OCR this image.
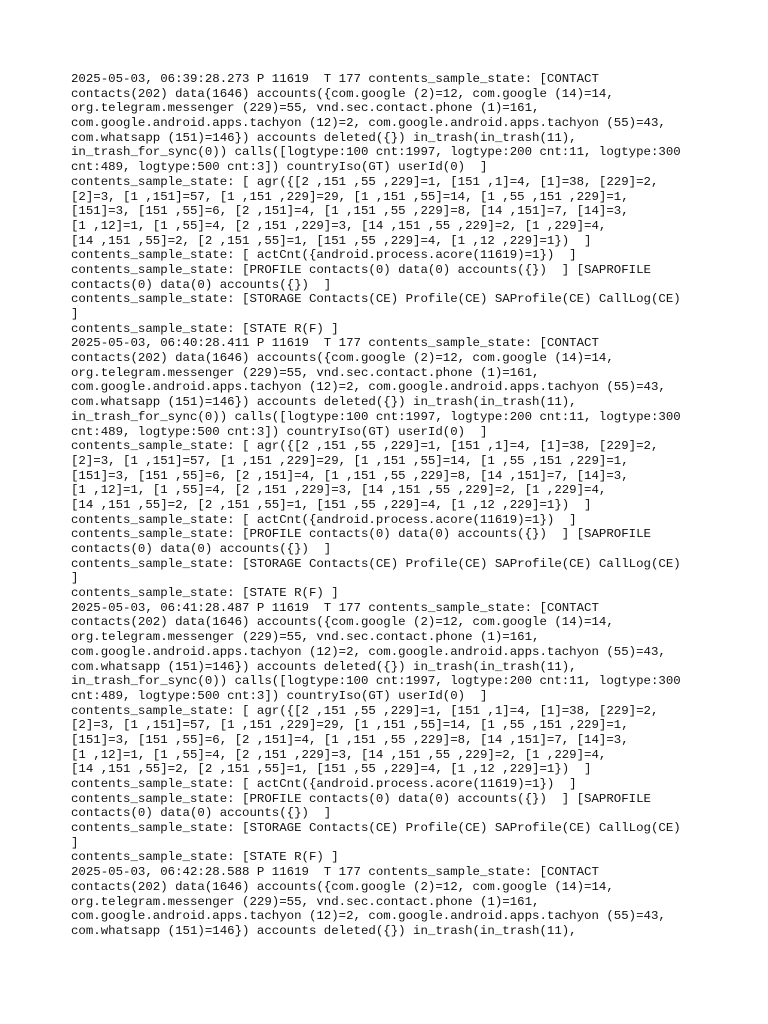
2025-05-03, 06:39:28.273 P 11619  T 177 contents_sample_state: [CONTACT
contacts(202) data(1646) accounts({com.google (2)=12, com.google (14)=14,
org.telegram.messenger (229)=55, vnd.sec.contact.phone (1)=161,
com.google.android.apps.tachyon (12)=2, com.google.android.apps.tachyon (55)=43,
com.whatsapp (151)=146}) accounts deleted({}) in_trash(in_trash(11),
in_trash_for_sync(0)) calls([logtype:100 cnt:1997, logtype:200 cnt:11, logtype:300
cnt:489, logtype:500 cnt:3]) countryIso(GT) userId(0)  ]
contents_sample_state: [ agr({[2 ,151 ,55 ,229]=1, [151 ,1]=4, [1]=38, [229]=2,
[2]=3, [1 ,151]=57, [1 ,151 ,229]=29, [1 ,151 ,55]=14, [1 ,55 ,151 ,229]=1,
[151]=3, [151 ,55]=6, [2 ,151]=4, [1 ,151 ,55 ,229]=8, [14 ,151]=7, [14]=3,
[1 ,12]=1, [1 ,55]=4, [2 ,151 ,229]=3, [14 ,151 ,55 ,229]=2, [1 ,229]=4,
[14 ,151 ,55]=2, [2 ,151 ,55]=1, [151 ,55 ,229]=4, [1 ,12 ,229]=1})  ]
contents_sample_state: [ actCnt({android.process.acore(11619)=1})  ]
contents_sample_state: [PROFILE contacts(0) data(0) accounts({})  ] [SAPROFILE
contacts(0) data(0) accounts({})  ]
contents_sample_state: [STORAGE Contacts(CE) Profile(CE) SAProfile(CE) CallLog(CE)
]
contents_sample_state: [STATE R(F) ]
2025-05-03, 06:40:28.411 P 11619  T 177 contents_sample_state: [CONTACT
contacts(202) data(1646) accounts({com.google (2)=12, com.google (14)=14,
org.telegram.messenger (229)=55, vnd.sec.contact.phone (1)=161,
com.google.android.apps.tachyon (12)=2, com.google.android.apps.tachyon (55)=43,
com.whatsapp (151)=146}) accounts deleted({}) in_trash(in_trash(11),
in_trash_for_sync(0)) calls([logtype:100 cnt:1997, logtype:200 cnt:11, logtype:300
cnt:489, logtype:500 cnt:3]) countryIso(GT) userId(0)  ]
contents_sample_state: [ agr({[2 ,151 ,55 ,229]=1, [151 ,1]=4, [1]=38, [229]=2,
[2]=3, [1 ,151]=57, [1 ,151 ,229]=29, [1 ,151 ,55]=14, [1 ,55 ,151 ,229]=1,
[151]=3, [151 ,55]=6, [2 ,151]=4, [1 ,151 ,55 ,229]=8, [14 ,151]=7, [14]=3,
[1 ,12]=1, [1 ,55]=4, [2 ,151 ,229]=3, [14 ,151 ,55 ,229]=2, [1 ,229]=4,
[14 ,151 ,55]=2, [2 ,151 ,55]=1, [151 ,55 ,229]=4, [1 ,12 ,229]=1})  ]
contents_sample_state: [ actCnt({android.process.acore(11619)=1})  ]
contents_sample_state: [PROFILE contacts(0) data(0) accounts({})  ] [SAPROFILE
contacts(0) data(0) accounts({})  ]
contents_sample_state: [STORAGE Contacts(CE) Profile(CE) SAProfile(CE) CallLog(CE)
]
contents_sample_state: [STATE R(F) ]
2025-05-03, 06:41:28.487 P 11619  T 177 contents_sample_state: [CONTACT
contacts(202) data(1646) accounts({com.google (2)=12, com.google (14)=14,
org.telegram.messenger (229)=55, vnd.sec.contact.phone (1)=161,
com.google.android.apps.tachyon (12)=2, com.google.android.apps.tachyon (55)=43,
com.whatsapp (151)=146}) accounts deleted({}) in_trash(in_trash(11),
in_trash_for_sync(0)) calls([logtype:100 cnt:1997, logtype:200 cnt:11, logtype:300
cnt:489, logtype:500 cnt:3]) countryIso(GT) userId(0)  ]
contents_sample_state: [ agr({[2 ,151 ,55 ,229]=1, [151 ,1]=4, [1]=38, [229]=2,
[2]=3, [1 ,151]=57, [1 ,151 ,229]=29, [1 ,151 ,55]=14, [1 ,55 ,151 ,229]=1,
[151]=3, [151 ,55]=6, [2 ,151]=4, [1 ,151 ,55 ,229]=8, [14 ,151]=7, [14]=3,
[1 ,12]=1, [1 ,55]=4, [2 ,151 ,229]=3, [14 ,151 ,55 ,229]=2, [1 ,229]=4,
[14 ,151 ,55]=2, [2 ,151 ,55]=1, [151 ,55 ,229]=4, [1 ,12 ,229]=1})  ]
contents_sample_state: [ actCnt({android.process.acore(11619)=1})  ]
contents_sample_state: [PROFILE contacts(0) data(0) accounts({})  ] [SAPROFILE
contacts(0) data(0) accounts({})  ]
contents_sample_state: [STORAGE Contacts(CE) Profile(CE) SAProfile(CE) CallLog(CE)
]
contents_sample_state: [STATE R(F) ]
2025-05-03, 06:42:28.588 P 11619  T 177 contents_sample_state: [CONTACT
contacts(202) data(1646) accounts({com.google (2)=12, com.google (14)=14,
org.telegram.messenger (229)=55, vnd.sec.contact.phone (1)=161,
com.google.android.apps.tachyon (12)=2, com.google.android.apps.tachyon (55)=43,
com.whatsapp (151)=146}) accounts deleted({}) in_trash(in_trash(11),
